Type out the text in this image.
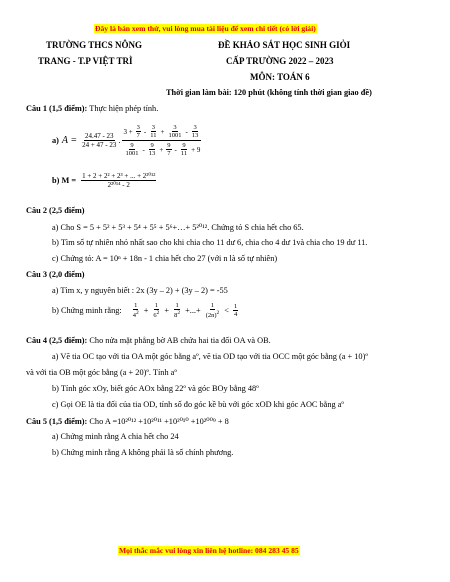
Đây là bản xem thử, vui lòng mua tài liệu để xem chi tiết (có lời giải)
TRƯỜNG THCS NÔNG
TRANG - T.P VIỆT TRÌ
ĐỀ KHẢO SÁT HỌC SINH GIỎI
CẤP TRƯỜNG 2022 – 2023
MÔN: TOÁN 6
Thời gian làm bài: 120 phút (không tính thời gian giao đề)
Câu 1 (1,5 điểm): Thực hiện phép tính.
a) $A = \frac{24.47 - 23}{24 + 47 - 23}$ . $\frac{3 + \frac{3}{7} - \frac{3}{11} + \frac{3}{1001} - \frac{3}{13}}{\frac{9}{1001} - \frac{9}{13} + \frac{9}{7} - \frac{9}{11} + 9}$
b) $M = \frac{\text{1 + 2 + 2² + 2³ + ... + 2²⁰¹²}}{\text{2²⁰¹⁴ - 2}}$
Câu 2 (2,5 điểm)
a) Cho S = 5 + 5² + 5³ + 5⁴ + 5⁵ + 5⁶+…+ 5²⁰¹². Chứng tỏ S chia hết cho 65.
b) Tìm số tự nhiên nhỏ nhất sao cho khi chia cho 11 dư 6, chia cho 4 dư 1và chia cho 19 dư 11.
c) Chứng tỏ: A = 10ⁿ + 18n - 1 chia hết cho 27 (với n là số tự nhiên)
Câu 3 (2,0 điểm)
a) Tìm x, y nguyên biết : 2x (3y – 2) + (3y – 2) = -55
b) Chứng minh rằng: $\frac{1}{4^2} + \frac{1}{6^2} + \frac{1}{8^2}$ +...+ $\frac{1}{(2n)^2} < \frac{1}{4}$
Câu 4 (2,5 điểm): Cho nửa mặt phẳng bờ AB chứa hai tia đối OA và OB.
a) Vẽ tia OC tạo với tia OA một góc bằng aº, vẽ tia OD tạo với tia OCC một góc bằng (a + 10)º
và với tia OB một góc bằng (a + 20)º. Tính aº
b) Tính góc xOy, biết góc AOx bằng 22º và góc BOy bằng 48º
c) Gọi OE là tia đối của tia OD, tính số đo góc kề bù với góc xOD khi góc AOC bằng aº
Câu 5 (1,5 điểm): Cho A =10²⁰¹² +10²⁰¹¹ +10²⁰¹⁰ +10²⁰⁰⁹ + 8
a) Chứng minh rằng A chia hết cho 24
b) Chứng minh rằng A không phải là số chính phương.
Mọi thắc mắc vui lòng xin liên hệ hotline: 084 283 45 85
